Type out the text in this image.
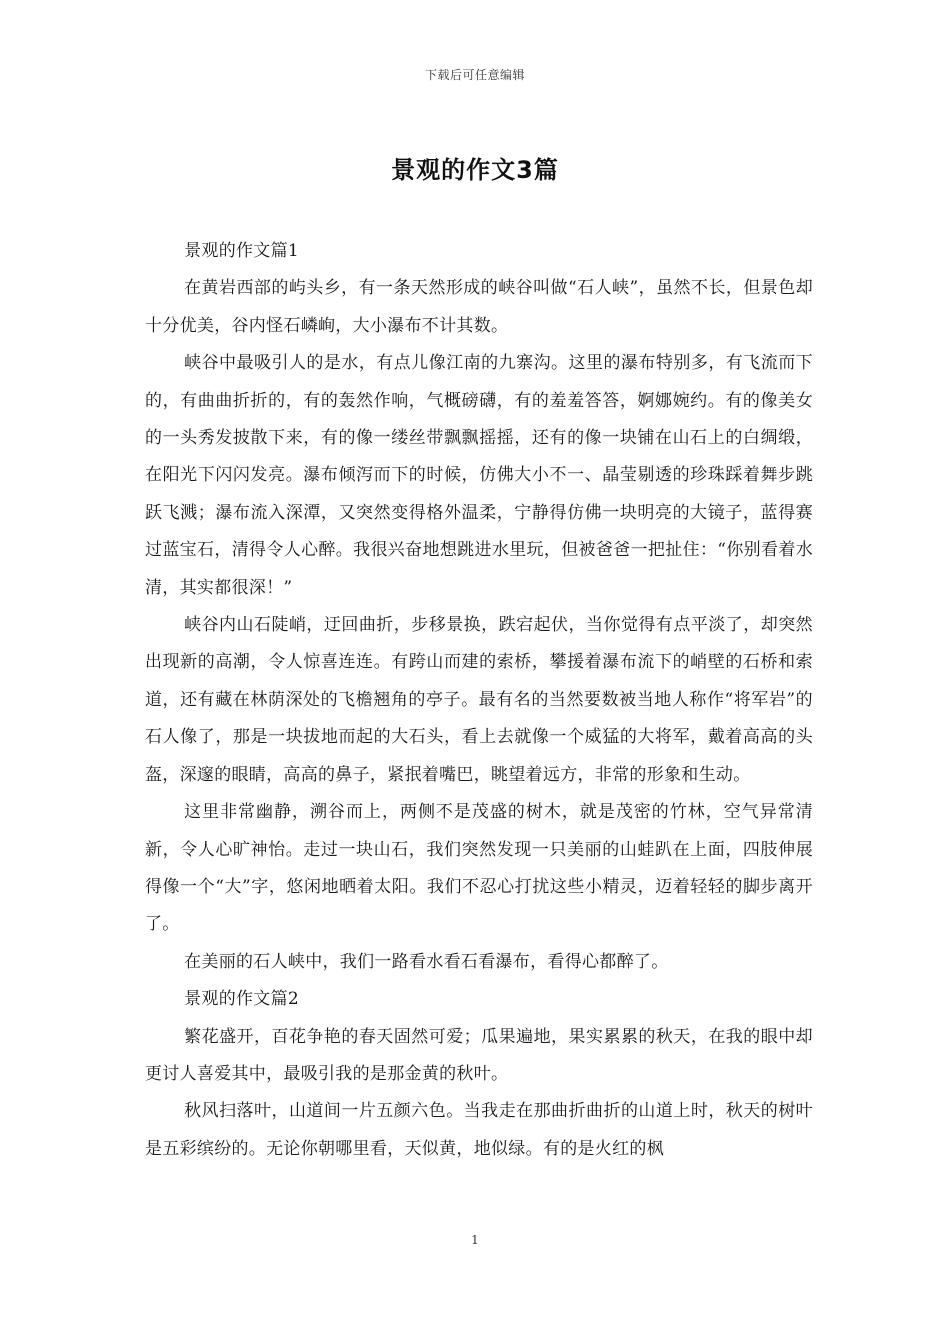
下载后可任意编辑
景观的作文3篇

景观的作文篇1

在黄岩西部的屿头乡，有一条天然形成的峡谷叫做“石人峡”，虽然不长，但景色却十分优美，谷内怪石嶙峋，大小瀑布不计其数。

峡谷中最吸引人的是水，有点儿像江南的九寨沟。这里的瀑布特别多，有飞流而下的，有曲曲折折的，有的轰然作响，气概磅礴，有的羞羞答答，婀娜婉约。有的像美女的一头秀发披散下来，有的像一缕丝带飘飘摇摇，还有的像一块铺在山石上的白绸缎，在阳光下闪闪发亮。瀑布倾泻而下的时候，仿佛大小不一、晶莹剔透的珍珠踩着舞步跳跃飞溅；瀑布流入深潭，又突然变得格外温柔，宁静得仿佛一块明亮的大镜子，蓝得赛过蓝宝石，清得令人心醉。我很兴奋地想跳进水里玩，但被爸爸一把扯住：“你别看着水清，其实都很深！”

峡谷内山石陡峭，迂回曲折，步移景换，跌宕起伏，当你觉得有点平淡了，却突然出现新的高潮，令人惊喜连连。有跨山而建的索桥，攀援着瀑布流下的峭壁的石桥和索道，还有藏在林荫深处的飞檐翘角的亭子。最有名的当然要数被当地人称作“将军岩”的石人像了，那是一块拔地而起的大石头，看上去就像一个威猛的大将军，戴着高高的头盔，深邃的眼睛，高高的鼻子，紧抿着嘴巴，眺望着远方，非常的形象和生动。

这里非常幽静，溯谷而上，两侧不是茂盛的树木，就是茂密的竹林，空气异常清新，令人心旷神怡。走过一块山石，我们突然发现一只美丽的山蛙趴在上面，四肢伸展得像一个“大”字，悠闲地晒着太阳。我们不忍心打扰这些小精灵，迈着轻轻的脚步离开了。

在美丽的石人峡中，我们一路看水看石看瀑布，看得心都醉了。

景观的作文篇2

繁花盛开，百花争艳的春天固然可爱；瓜果遍地，果实累累的秋天，在我的眼中却更讨人喜爱其中，最吸引我的是那金黄的秋叶。

秋风扫落叶，山道间一片五颜六色。当我走在那曲折曲折的山道上时，秋天的树叶是五彩缤纷的。无论你朝哪里看，天似黄，地似绿。有的是火红的枫

1
